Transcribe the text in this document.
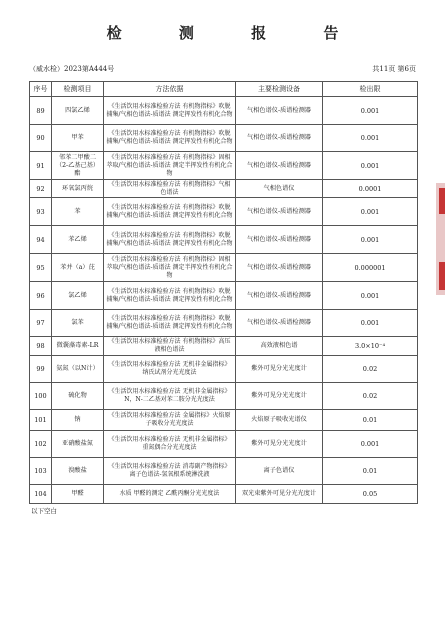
检 测 报 告
（威水检）2023第A444号	共11页 第6页
序号	检测项目	方法依据	主要检测设备	检出限
89	四氯乙烯	《生活饮用水标准检验方法 有机物指标》吹脱捕集/气相色谱法-质谱法 测定挥发性有机化合物	气相色谱仪-质谱检测器	0.001
90	甲苯	《生活饮用水标准检验方法 有机物指标》吹脱捕集/气相色谱法-质谱法 测定挥发性有机化合物	气相色谱仪-质谱检测器	0.001
91	邻苯二甲酸二（2-乙基己基）酯	《生活饮用水标准检验方法 有机物指标》固相萃取/气相色谱法-质谱法 测定半挥发性有机化合物	气相色谱仪-质谱检测器	0.001
92	环氧氯丙烷	《生活饮用水标准检验方法 有机物指标》气相色谱法	气相色谱仪	0.0001
93	苯	《生活饮用水标准检验方法 有机物指标》吹脱捕集/气相色谱法-质谱法 测定挥发性有机化合物	气相色谱仪-质谱检测器	0.001
94	苯乙烯	《生活饮用水标准检验方法 有机物指标》吹脱捕集/气相色谱法-质谱法 测定挥发性有机化合物	气相色谱仪-质谱检测器	0.001
95	苯并（a）芘	《生活饮用水标准检验方法 有机物指标》固相萃取/气相色谱法-质谱法 测定半挥发性有机化合物	气相色谱仪-质谱检测器	0.000001
96	氯乙烯	《生活饮用水标准检验方法 有机物指标》吹脱捕集/气相色谱法-质谱法 测定挥发性有机化合物	气相色谱仪-质谱检测器	0.001
97	氯苯	《生活饮用水标准检验方法 有机物指标》吹脱捕集/气相色谱法-质谱法 测定挥发性有机化合物	气相色谱仪-质谱检测器	0.001
98	微囊藻毒素-LR	《生活饮用水标准检验方法 有机物指标》高压液相色谱法	高效液相色谱	3.0×10⁻⁴
99	氨氮（以N计）	《生活饮用水标准检验方法 无机非金属指标》纳氏试剂分光光度法	紫外可见分光光度计	0.02
100	硫化物	《生活饮用水标准检验方法 无机非金属指标》N，N-二乙基对苯二胺分光光度法	紫外可见分光光度计	0.02
101	钠	《生活饮用水标准检验方法 金属指标》火焰原子吸收分光光度法	火焰原子吸收光谱仪	0.01
102	亚硝酸盐氮	《生活饮用水标准检验方法 无机非金属指标》重氮偶合分光光度法	紫外可见分光光度计	0.001
103	溴酸盐	《生活饮用水标准检验方法 消毒副产物指标》离子色谱法-氢氧根系统淋洗液	离子色谱仪	0.01
104	甲醛	水质 甲醛的测定 乙酰丙酮分光光度法	双光束紫外可见分光光度计	0.05
以下空白
